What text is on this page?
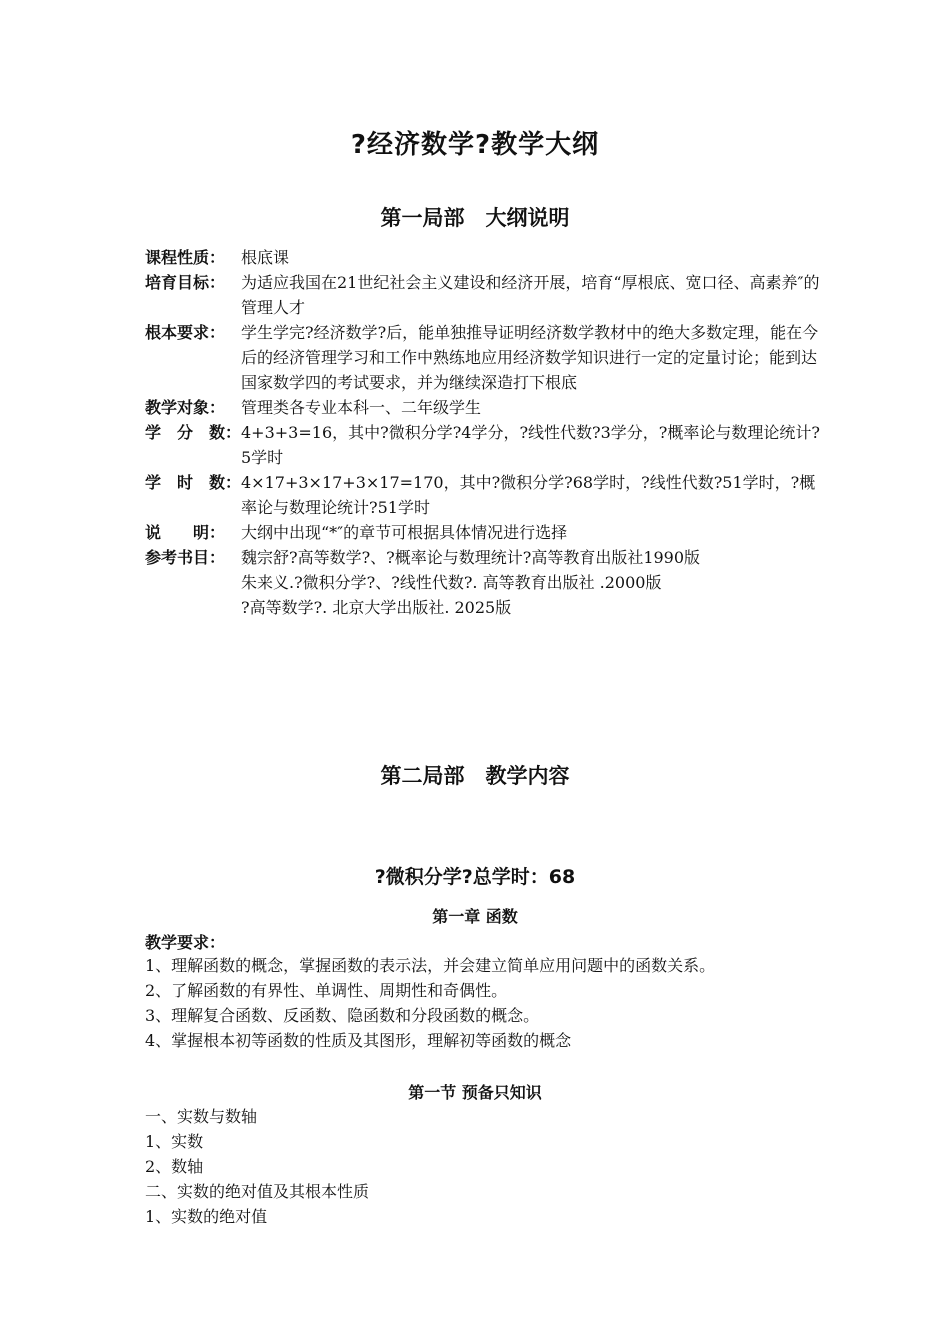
?经济数学?教学大纲
第一局部　大纲说明
课程性质： 根底课
培育目标： 为适应我国在21世纪社会主义建设和经济开展，培育“厚根底、宽口径、高素养″的管理人才
根本要求： 学生学完?经济数学?后，能单独推导证明经济数学教材中的绝大多数定理，能在今后的经济管理学习和工作中熟练地应用经济数学知识进行一定的定量讨论；能到达国家数学四的考试要求，并为继续深造打下根底
教学对象： 管理类各专业本科一、二年级学生
学　分　数： 4+3+3=16，其中?微积分学?4学分，?线性代数?3学分，?概率论与数理论统计?5学时
学　时　数： 4×17+3×17+3×17=170，其中?微积分学?68学时，?线性代数?51学时，?概率论与数理论统计?51学时
说　　明： 大纲中出现“*″的章节可根据具体情况进行选择
参考书目： 魏宗舒?高等数学?、?概率论与数理统计?高等教育出版社1990版
朱来义.?微积分学?、?线性代数?. 高等教育出版社 .2000版
?高等数学?. 北京大学出版社. 2025版
第二局部　教学内容
?微积分学?总学时：68
第一章 函数
教学要求：
1、理解函数的概念，掌握函数的表示法，并会建立简单应用问题中的函数关系。
2、了解函数的有界性、单调性、周期性和奇偶性。
3、理解复合函数、反函数、隐函数和分段函数的概念。
4、掌握根本初等函数的性质及其图形，理解初等函数的概念
第一节 预备只知识
一、实数与数轴
1、实数
2、数轴
二、实数的绝对值及其根本性质
1、实数的绝对值
